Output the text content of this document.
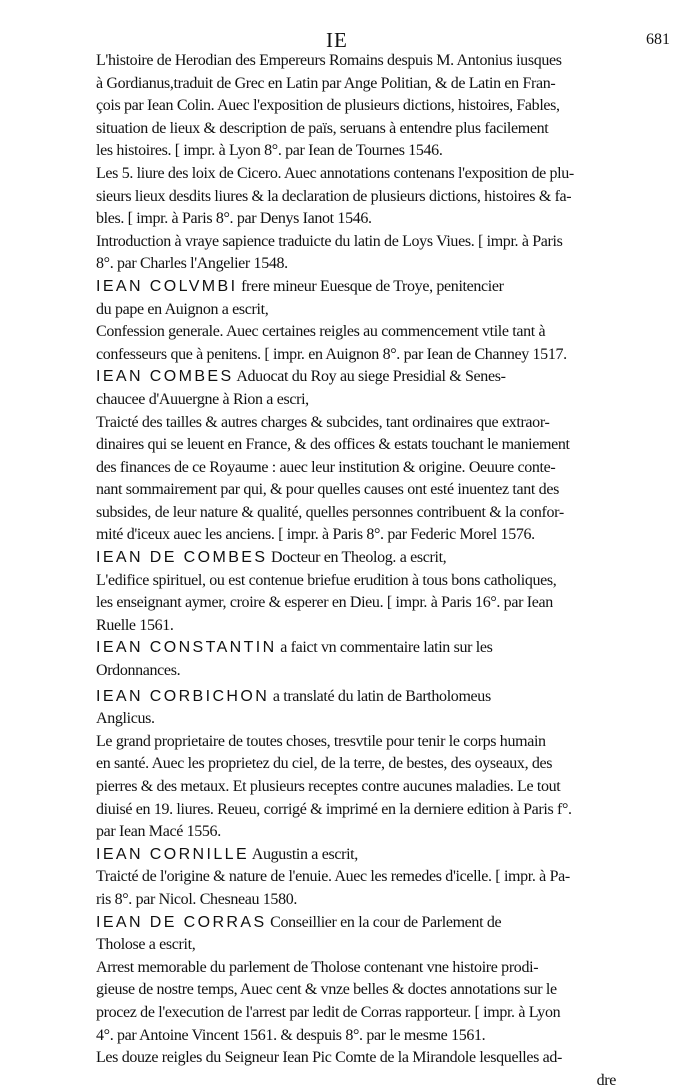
IE	681
L'histoire de Herodian des Empereurs Romains despuis M. Antonius iusques
à Gordianus,traduit de Grec en Latin par Ange Politian, & de Latin en Fran-
çois par Iean Colin. Auec l'exposition de plusieurs dictions, histoires, Fables,
situation de lieux & description de païs, seruans à entendre plus facilement
les histoires. [ impr. à Lyon 8°. par Iean de Tournes 1546.
Les 5. liure des loix de Cicero. Auec annotations contenans l'exposition de plu-
sieurs lieux desdits liures & la declaration de plusieurs dictions, histoires & fa-
bles. [ impr. à Paris 8°. par Denys Ianot 1546.
Introduction à vraye sapience traduicte du latin de Loys Viues. [ impr. à Paris
8°. par Charles l'Angelier 1548.
IEAN COLVMBI frere mineur Euesque de Troye, penitencier
du pape en Auignon a escrit,
Confession generale. Auec certaines reigles au commencement vtile tant à
confesseurs que à penitens. [ impr. en Auignon 8°. par Iean de Channey 1517.
IEAN COMBES Aduocat du Roy au siege Presidial & Senes-
chaucee d'Auuergne à Rion a escri,
Traicté des tailles & autres charges & subcides, tant ordinaires que extraor-
dinaires qui se leuent en France, & des offices & estats touchant le maniement
des finances de ce Royaume : auec leur institution & origine. Oeuure conte-
nant sommairement par qui, & pour quelles causes ont esté inuentez tant des
subsides, de leur nature & qualité, quelles personnes contribuent & la confor-
mité d'iceux auec les anciens. [ impr. à Paris 8°. par Federic Morel 1576.
IEAN DE COMBES Docteur en Theolog. a escrit,
L'edifice spirituel, ou est contenue briefue erudition à tous bons catholiques,
les enseignant aymer, croire & esperer en Dieu. [ impr. à Paris 16°. par Iean
Ruelle 1561.
IEAN CONSTANTIN a faict vn commentaire latin sur les
Ordonnances.
IEAN CORBICHON a translaté du latin de Bartholomeus
Anglicus.
Le grand proprietaire de toutes choses, tresvtile pour tenir le corps humain
en santé. Auec les proprietez du ciel, de la terre, de bestes, des oyseaux, des
pierres & des metaux. Et plusieurs receptes contre aucunes maladies. Le tout
diuisé en 19. liures. Reueu, corrigé & imprimé en la derniere edition à Paris f°.
par Iean Macé 1556.
IEAN CORNILLE Augustin a escrit,
Traicté de l'origine & nature de l'enuie. Auec les remedes d'icelle. [ impr. à Pa-
ris 8°. par Nicol. Chesneau 1580.
IEAN DE CORRAS Conseillier en la cour de Parlement de
Tholose a escrit,
Arrest memorable du parlement de Tholose contenant vne histoire prodi-
gieuse de nostre temps, Auec cent & vnze belles & doctes annotations sur le
procez de l'execution de l'arrest par ledit de Corras rapporteur. [ impr. à Lyon
4°. par Antoine Vincent 1561. & despuis 8°. par le mesme 1561.
Les douze reigles du Seigneur Iean Pic Comte de la Mirandole lesquelles ad-
dre
